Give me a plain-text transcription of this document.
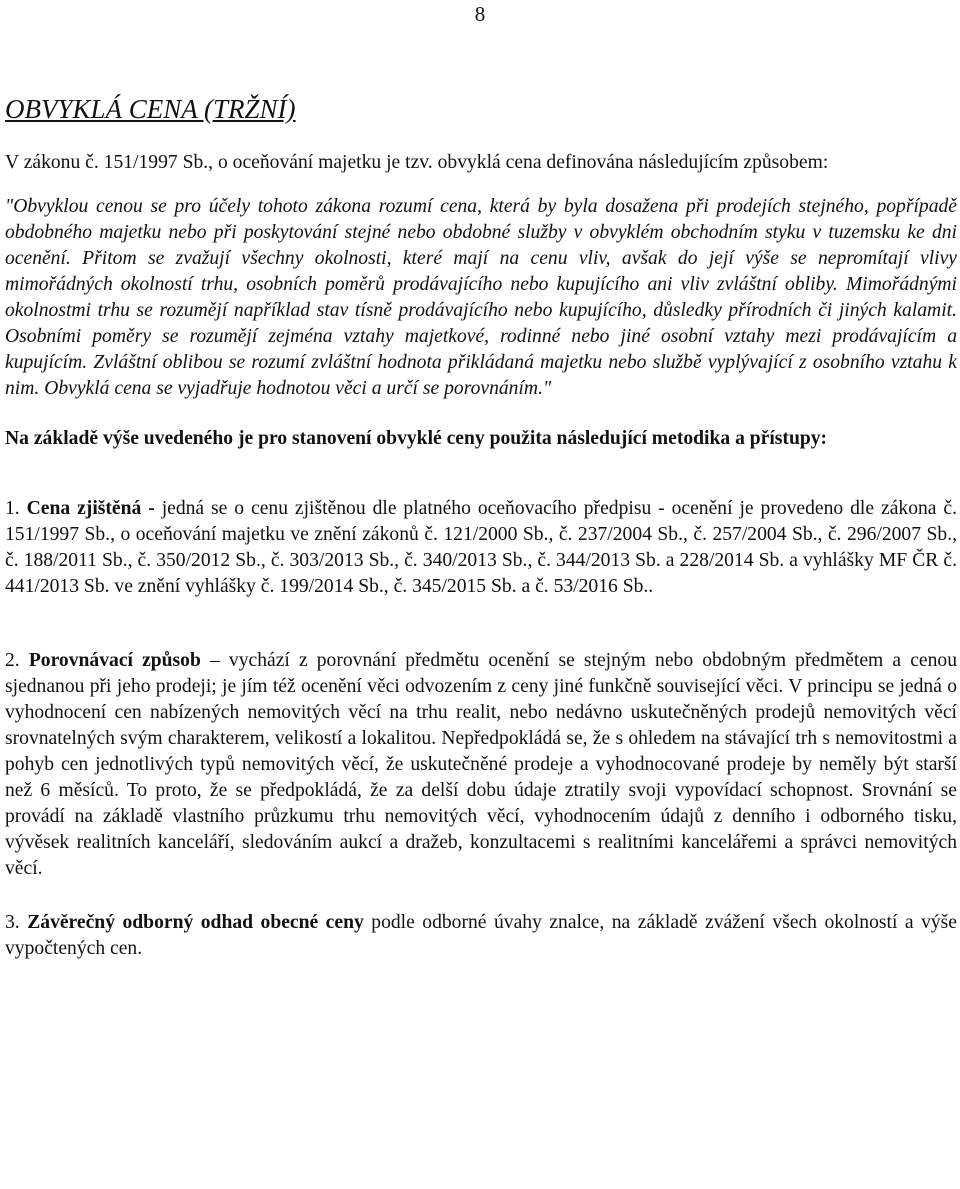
8
OBVYKLÁ CENA (TRŽNÍ)

V zákonu č. 151/1997 Sb., o oceňování majetku je tzv. obvyklá cena definována následujícím způsobem:

"Obvyklou cenou se pro účely tohoto zákona rozumí cena, která by byla dosažena při prodejích stejného, popřípadě obdobného majetku nebo při poskytování stejné nebo obdobné služby v obvyklém obchodním styku v tuzemsku ke dni ocenění. Přitom se zvažují všechny okolnosti, které mají na cenu vliv, avšak do její výše se nepromítají vlivy mimořádných okolností trhu, osobních poměrů prodávajícího nebo kupujícího ani vliv zvláštní obliby. Mimořádnými okolnostmi trhu se rozumějí například stav tísně prodávajícího nebo kupujícího, důsledky přírodních či jiných kalamit. Osobními poměry se rozumějí zejména vztahy majetkové, rodinné nebo jiné osobní vztahy mezi prodávajícím a kupujícím. Zvláštní oblibou se rozumí zvláštní hodnota přikládaná majetku nebo službě vyplývající z osobního vztahu k nim. Obvyklá cena se vyjadřuje hodnotou věci a určí se porovnáním."

Na základě výše uvedeného je pro stanovení obvyklé ceny použita následující metodika a přístupy:

1. Cena zjištěná - jedná se o cenu zjištěnou dle platného oceňovacího předpisu - ocenění je provedeno dle zákona č. 151/1997 Sb., o oceňování majetku ve znění zákonů č. 121/2000 Sb., č. 237/2004 Sb., č. 257/2004 Sb., č. 296/2007 Sb., č. 188/2011 Sb., č. 350/2012 Sb., č. 303/2013 Sb., č. 340/2013 Sb., č. 344/2013 Sb. a 228/2014 Sb. a vyhlášky MF ČR č. 441/2013 Sb. ve znění vyhlášky č. 199/2014 Sb., č. 345/2015 Sb. a č. 53/2016 Sb..

2. Porovnávací způsob – vychází z porovnání předmětu ocenění se stejným nebo obdobným předmětem a cenou sjednanou při jeho prodeji; je jím též ocenění věci odvozením z ceny jiné funkčně související věci. V principu se jedná o vyhodnocení cen nabízených nemovitých věcí na trhu realit, nebo nedávno uskutečněných prodejů nemovitých věcí srovnatelných svým charakterem, velikostí a lokalitou. Nepředpokládá se, že s ohledem na stávající trh s nemovitostmi a pohyb cen jednotlivých typů nemovitých věcí, že uskutečněné prodeje a vyhodnocované prodeje by neměly být starší než 6 měsíců. To proto, že se předpokládá, že za delší dobu údaje ztratily svoji vypovídací schopnost. Srovnání se provádí na základě vlastního průzkumu trhu nemovitých věcí, vyhodnocením údajů z denního i odborného tisku, vývěsek realitních kanceláří, sledováním aukcí a dražeb, konzultacemi s realitními kancelářemi a správci nemovitých věcí.

3. Závěrečný odborný odhad obecné ceny podle odborné úvahy znalce, na základě zvážení všech okolností a výše vypočtených cen.
